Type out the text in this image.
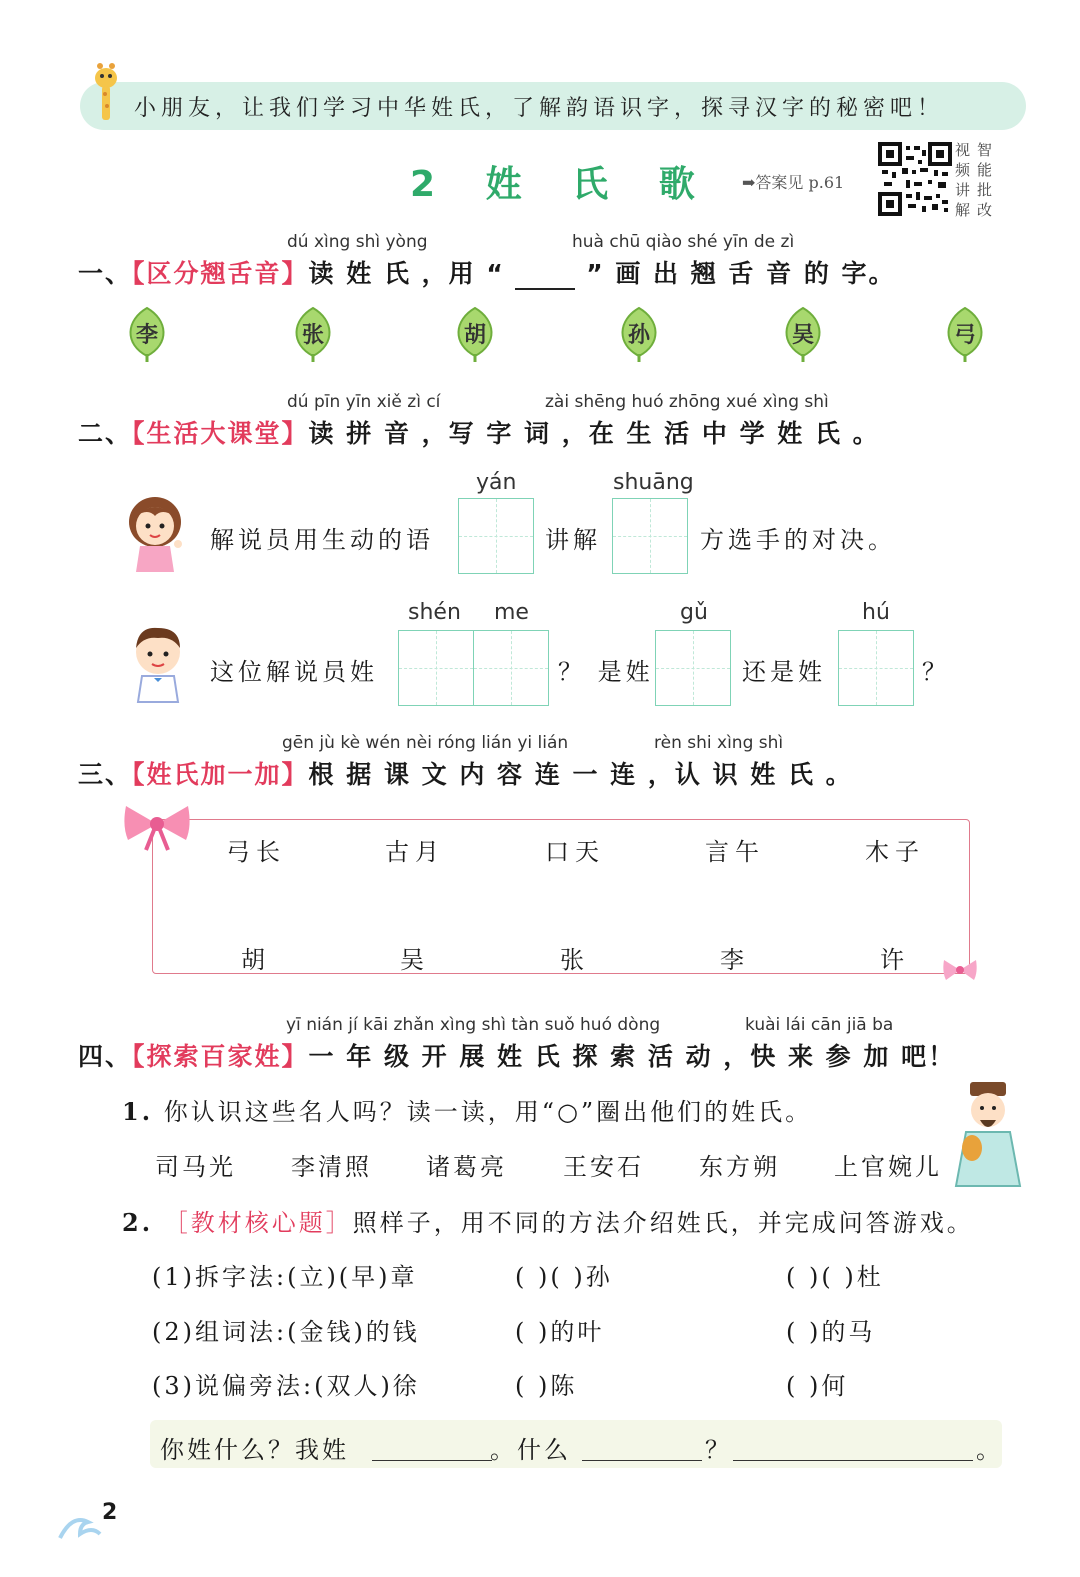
小朋友，让我们学习中华姓氏，了解韵语识字，探寻汉字的秘密吧！
2 姓 氏 歌	➡答案见 p.61
视 智
频 能
讲 批
解 改
dú xìng shì yòng	huà chū qiào shé yīn de zì
一、【区分翘舌音】读 姓 氏 ，用 “  ” 画 出 翘 舌 音 的 字。
李	张	胡	孙	吴	弓
dú pīn yīn xiě zì cí	zài shēng huó zhōng xué xìng shì
二、【生活大课堂】读 拼 音 ，写 字 词 ，在 生 活 中 学 姓 氏 。
解说员用生动的语
yán
讲解
shuāng
方选手的对决。
这位解说员姓
shén me
？ 是姓
gǔ
还是姓
hú
？
gēn jù kè wén nèi róng lián yi lián	rèn shi xìng shì
三、【姓氏加一加】根 据 课 文 内 容 连 一 连 ，认 识 姓 氏 。
弓长	古月	口天	言午	木子
胡	吴	张	李	许
yī nián jí kāi zhǎn xìng shì tàn suǒ huó dòng	kuài lái cān jiā ba
四、【探索百家姓】一 年 级 开 展 姓 氏 探 索 活 动 ，快 来 参 加 吧！
1. 你认识这些名人吗？读一读，用“○”圈出他们的姓氏。
司马光 李清照 诸葛亮 王安石 东方朔 上官婉儿
2. ［教材核心题］照样子，用不同的方法介绍姓氏，并完成问答游戏。
(1)拆字法:(立)(早)章	( )( )孙	( )( )杜
(2)组词法:(金钱)的钱	( )的叶	( )的马
(3)说偏旁法:(双人)徐	( )陈	( )何
你姓什么？我姓	。什么	？	。
2
